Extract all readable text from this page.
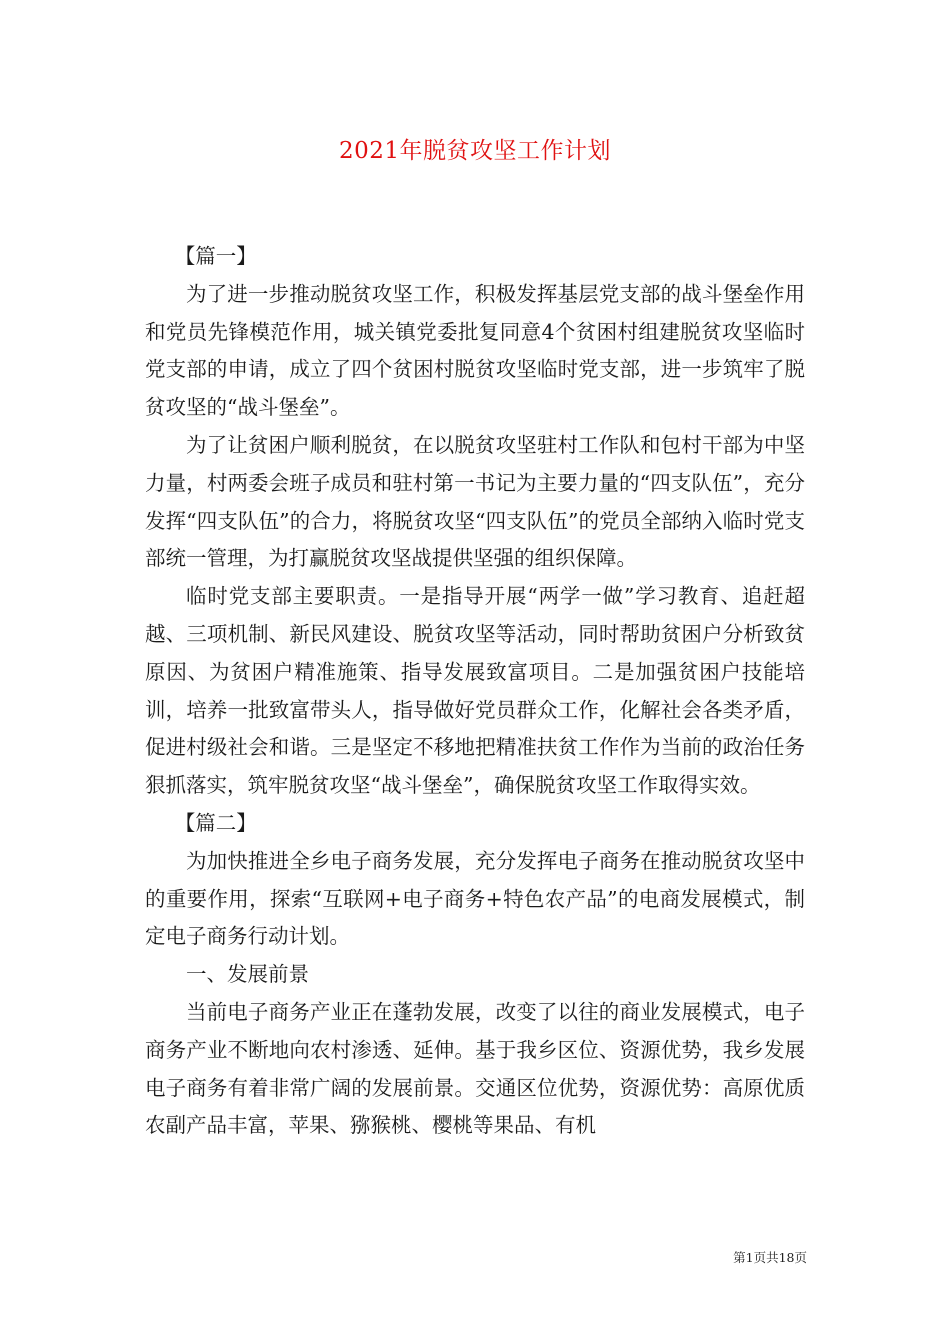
2021年脱贫攻坚工作计划

【篇一】

为了进一步推动脱贫攻坚工作，积极发挥基层党支部的战斗堡垒作用和党员先锋模范作用，城关镇党委批复同意4个贫困村组建脱贫攻坚临时党支部的申请，成立了四个贫困村脱贫攻坚临时党支部，进一步筑牢了脱贫攻坚的“战斗堡垒”。

为了让贫困户顺利脱贫，在以脱贫攻坚驻村工作队和包村干部为中坚力量，村两委会班子成员和驻村第一书记为主要力量的“四支队伍”，充分发挥“四支队伍”的合力，将脱贫攻坚“四支队伍”的党员全部纳入临时党支部统一管理，为打赢脱贫攻坚战提供坚强的组织保障。

临时党支部主要职责。一是指导开展“两学一做”学习教育、追赶超越、三项机制、新民风建设、脱贫攻坚等活动，同时帮助贫困户分析致贫原因、为贫困户精准施策、指导发展致富项目。二是加强贫困户技能培训，培养一批致富带头人，指导做好党员群众工作，化解社会各类矛盾，促进村级社会和谐。三是坚定不移地把精准扶贫工作作为当前的政治任务狠抓落实，筑牢脱贫攻坚“战斗堡垒”，确保脱贫攻坚工作取得实效。

【篇二】

为加快推进全乡电子商务发展，充分发挥电子商务在推动脱贫攻坚中的重要作用，探索“互联网+电子商务+特色农产品”的电商发展模式，制定电子商务行动计划。

一、发展前景

当前电子商务产业正在蓬勃发展，改变了以往的商业发展模式，电子商务产业不断地向农村渗透、延伸。基于我乡区位、资源优势，我乡发展电子商务有着非常广阔的发展前景。交通区位优势，资源优势：高原优质农副产品丰富，苹果、猕猴桃、樱桃等果品、有机

第1页共18页
